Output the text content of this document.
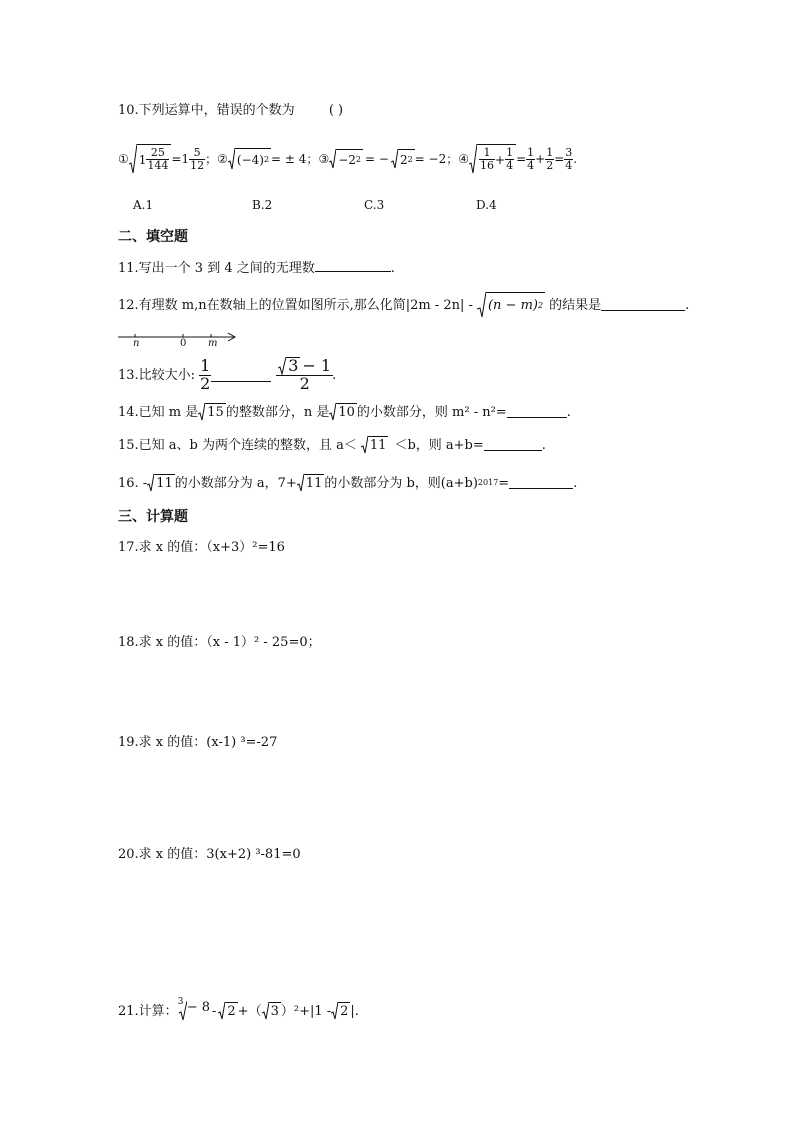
10.下列运算中，错误的个数为	( )
① $1 \frac{25}{144} =1 \frac{5}{12}$ ； ② (−4) 2 = ± 4 ； ③ −2 2 = − 2 2 = −2 ； ④ $\frac{1}{16} + \frac{1}{4} = \frac{1}{4} + \frac{1}{2} = \frac{3}{4}$ .
A.1	B.2	C.3	D.4
二、填空题
11.写出一个 3 到 4 之间的无理数	.
12.有理数 m,n在数轴上的位置如图所示,那么化简|2m - 2n| - (n − m) 2 的结果是	.
n	0 m
13.比较大小: $\frac{1}{2}$	$\frac{3 - 1}{2}$ .
14.已知 m 是 15 的整数部分，n 是 10 的小数部分，则 m² - n²=	.
15.已知 a、b 为两个连续的整数，且 a＜ 11 ＜b，则 a+b=	.
16. - 11 的小数部分为 a，7+ 11 的小数部分为 b，则(a+b) 2017 =	.
三、计算题
17.求 x 的值：（x+3）²=16
18.求 x 的值：（x - 1）² - 25=0；
19.求 x 的值：(x-1) ³=-27
20.求 x 的值：3(x+2) ³-81=0
21.计算：
3 − 8 - 2 +（ 3 ）²+|1 - 2 |.
